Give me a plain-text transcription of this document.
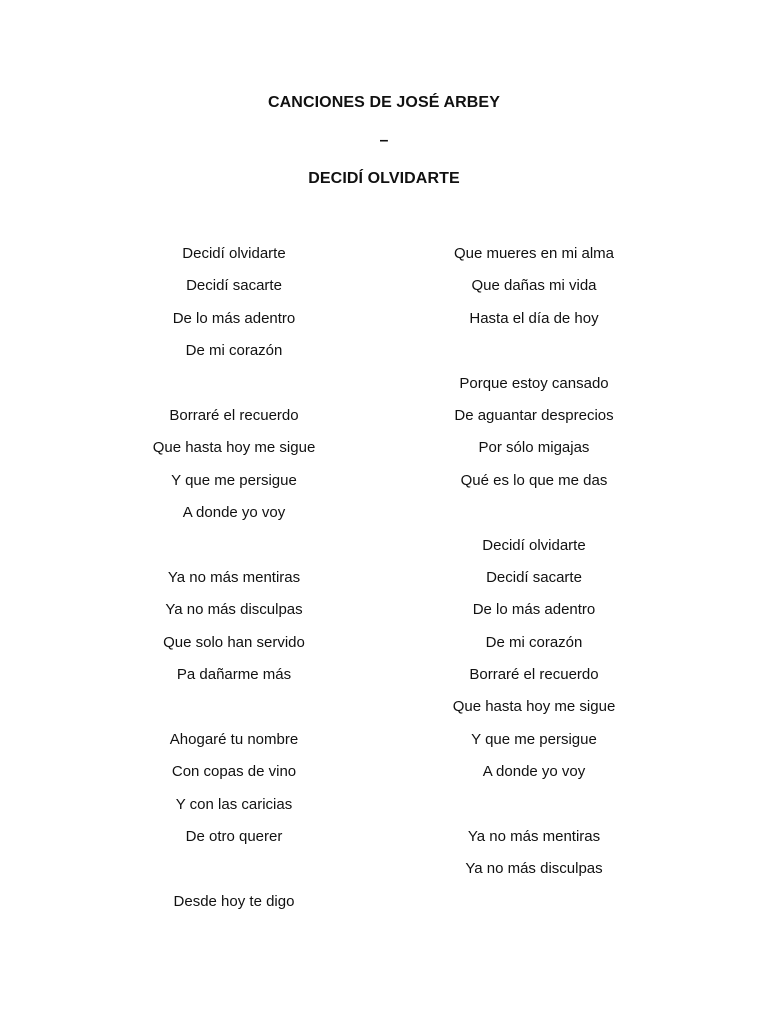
CANCIONES DE JOSÉ ARBEY
–
DECIDÍ OLVIDARTE
Decidí olvidarte
Decidí sacarte
De lo más adentro
De mi corazón

Borraré el recuerdo
Que hasta hoy me sigue
Y que me persigue
A donde yo voy

Ya no más mentiras
Ya no más disculpas
Que solo han servido
Pa dañarme más

Ahogaré tu nombre
Con copas de vino
Y con las caricias
De otro querer

Desde hoy te digo
Que mueres en mi alma
Que dañas mi vida
Hasta el día de hoy

Porque estoy cansado
De aguantar desprecios
Por sólo migajas
Qué es lo que me das

Decidí olvidarte
Decidí sacarte
De lo más adentro
De mi corazón
Borraré el recuerdo
Que hasta hoy me sigue
Y que me persigue
A donde yo voy

Ya no más mentiras
Ya no más disculpas
